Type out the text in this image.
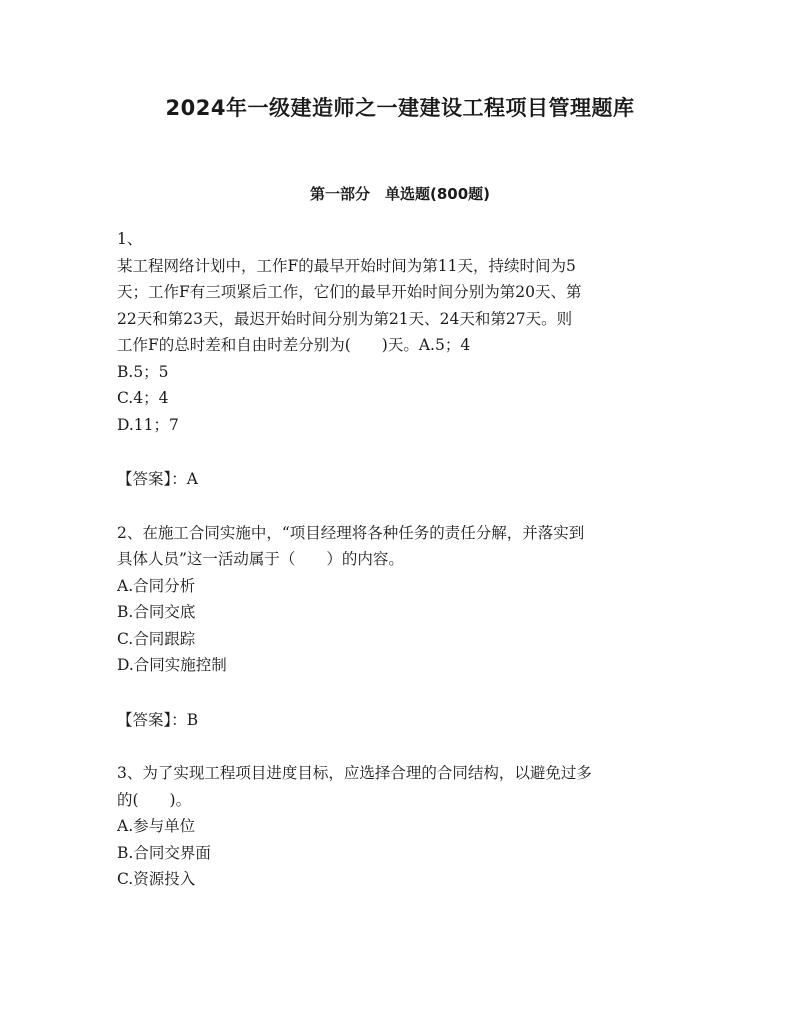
2024年一级建造师之一建建设工程项目管理题库
第一部分　单选题(800题)
1、
某工程网络计划中，工作F的最早开始时间为第11天，持续时间为5
天；工作F有三项紧后工作，它们的最早开始时间分别为第20天、第
22天和第23天，最迟开始时间分别为第21天、24天和第27天。则
工作F的总时差和自由时差分别为(　　)天。A.5；4
B.5；5
C.4；4
D.11；7
【答案】：A
2、在施工合同实施中，“项目经理将各种任务的责任分解，并落实到
具体人员”这一活动属于（　　）的内容。
A.合同分析
B.合同交底
C.合同跟踪
D.合同实施控制
【答案】：B
3、为了实现工程项目进度目标，应选择合理的合同结构，以避免过多
的(　　)。
A.参与单位
B.合同交界面
C.资源投入
